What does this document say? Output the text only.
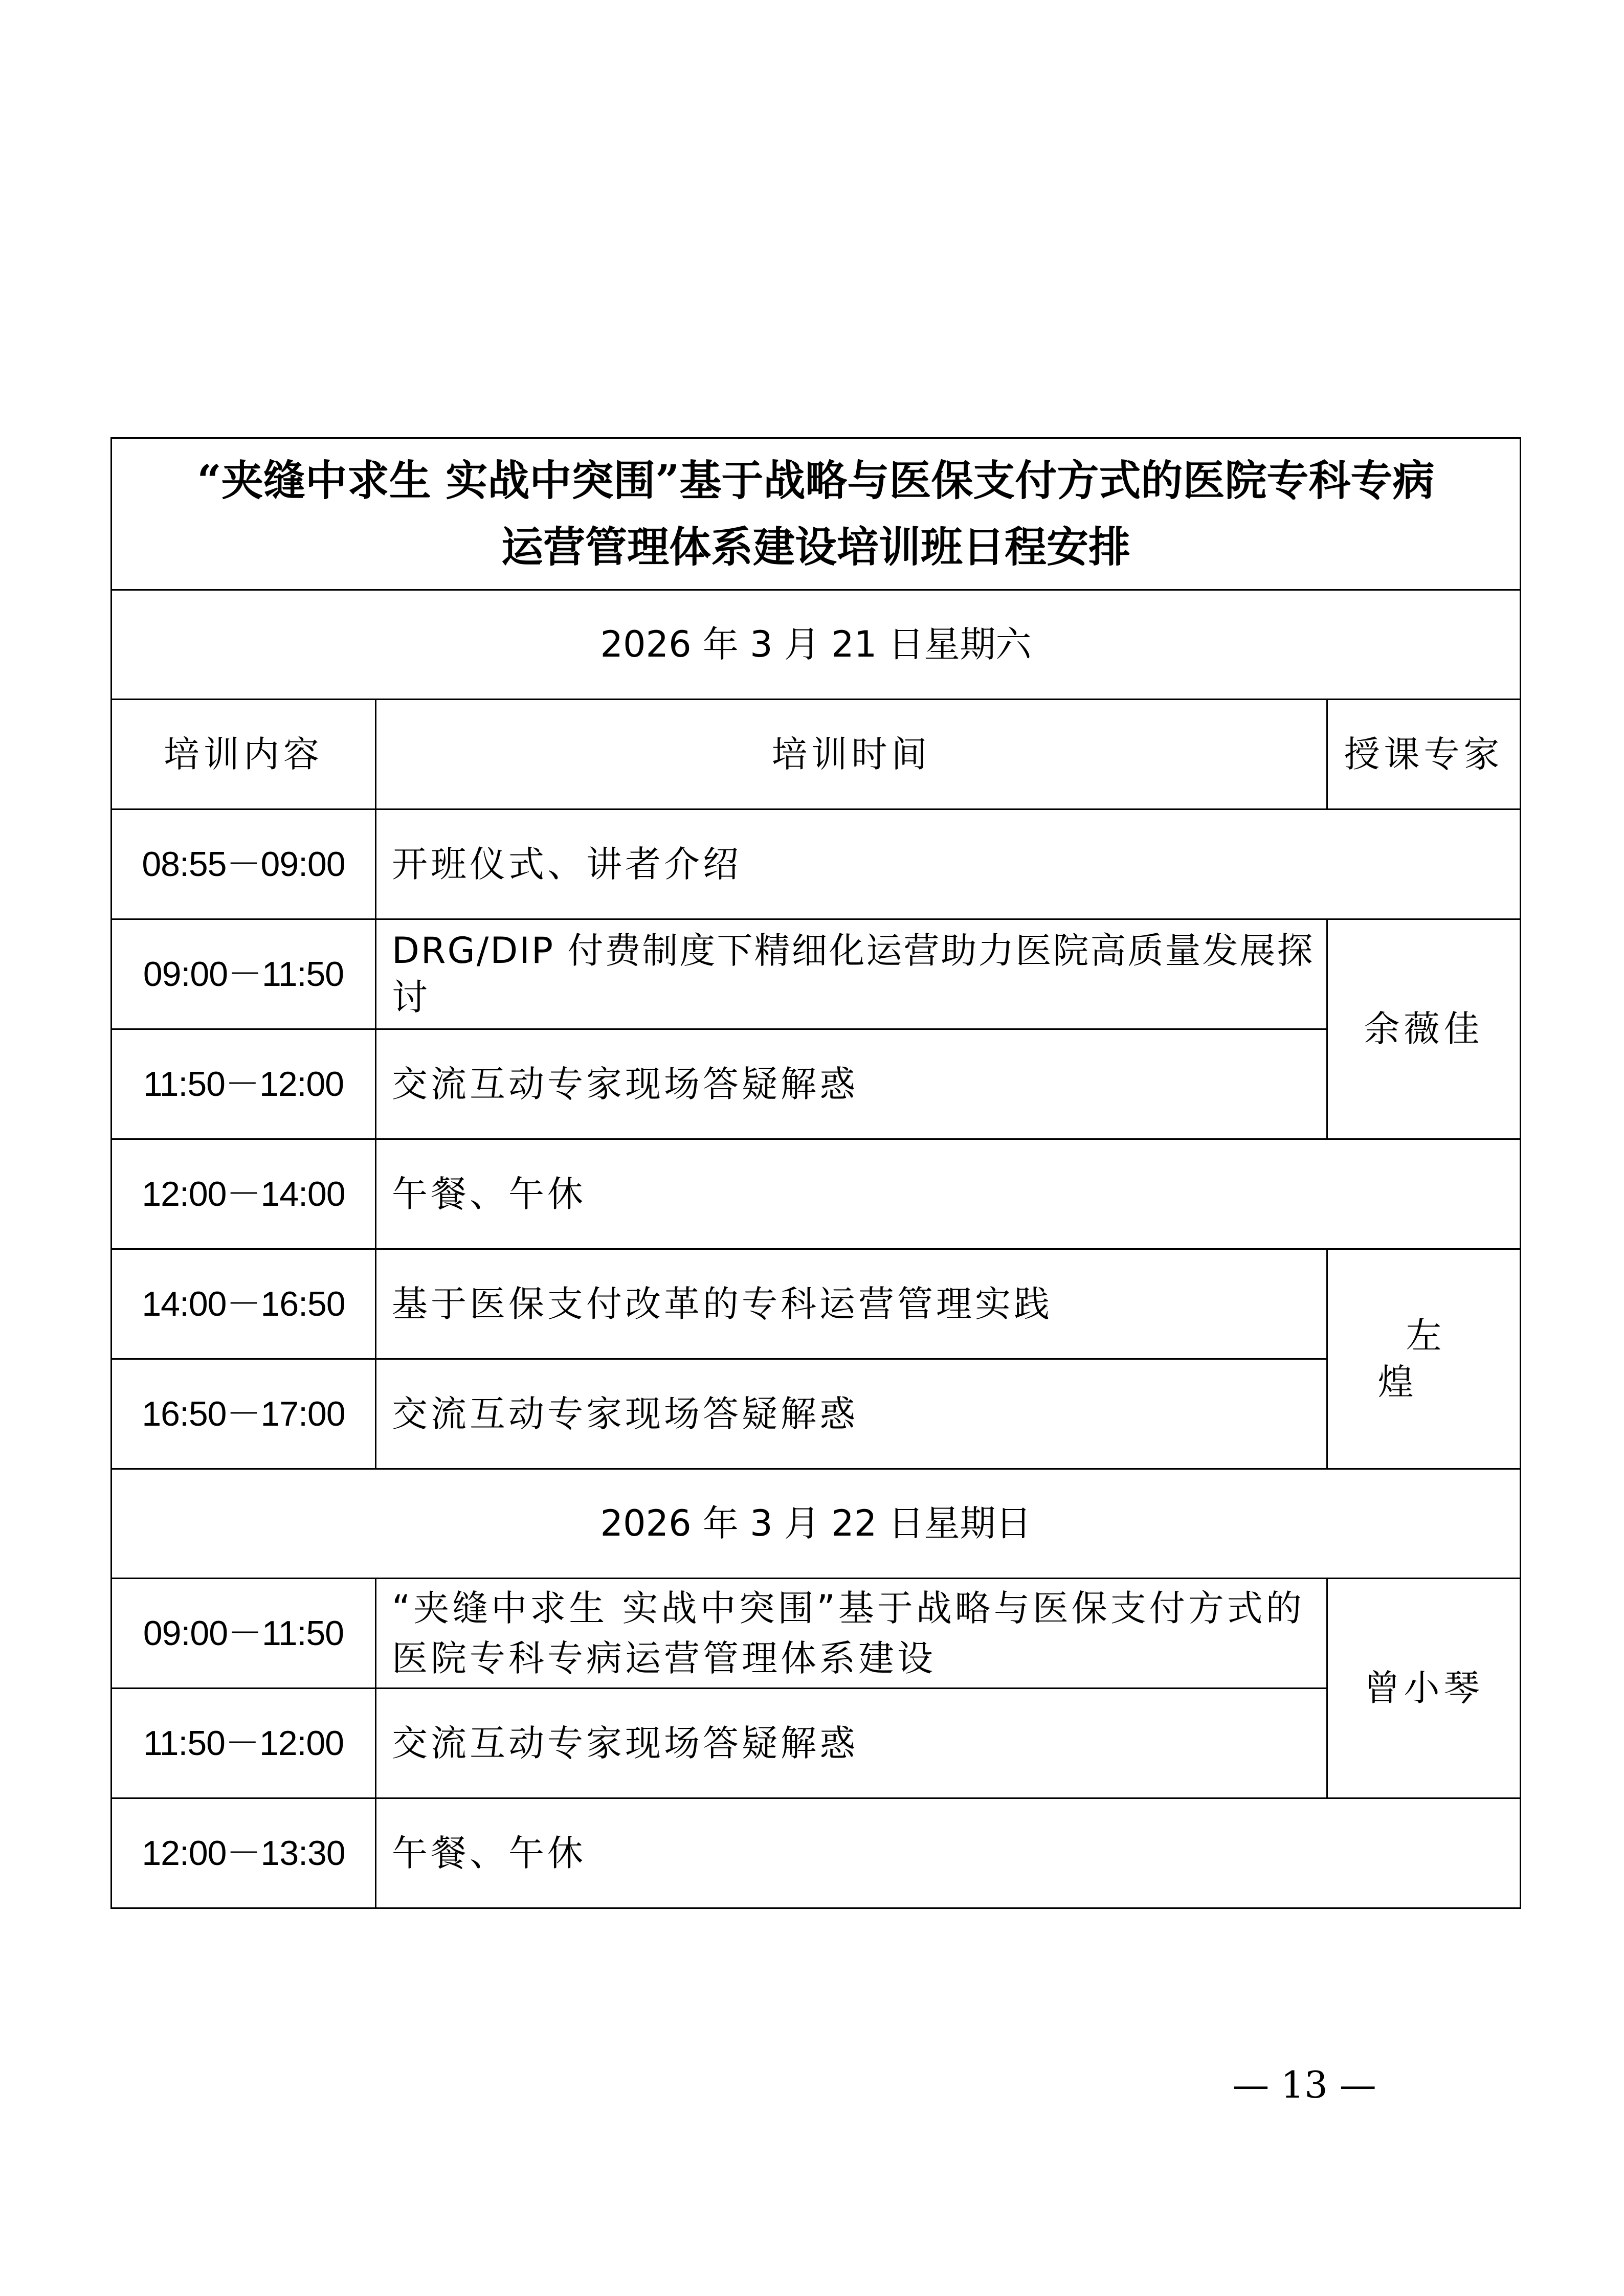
“夹缝中求生 实战中突围”基于战略与医保支付方式的医院专科专病
运营管理体系建设培训班日程安排		

2026 年 3 月 21 日星期六		
培训内容	培训时间	授课专家
08:55－09:00	开班仪式、讲者介绍	
09:00－11:50	DRG/DIP 付费制度下精细化运营助力医院高质量发展探讨	余薇佳
11:50－12:00	交流互动专家现场答疑解惑	
12:00－14:00	午餐、午休	
14:00－16:50	基于医保支付改革的专科运营管理实践	左煌
16:50－17:00	交流互动专家现场答疑解惑	
2026 年 3 月 22 日星期日		
09:00－11:50	“夹缝中求生 实战中突围”基于战略与医保支付方式的医院专科专病运营管理体系建设	曾小琴
11:50－12:00	交流互动专家现场答疑解惑	
12:00－13:30	午餐、午休	
— 13 —
